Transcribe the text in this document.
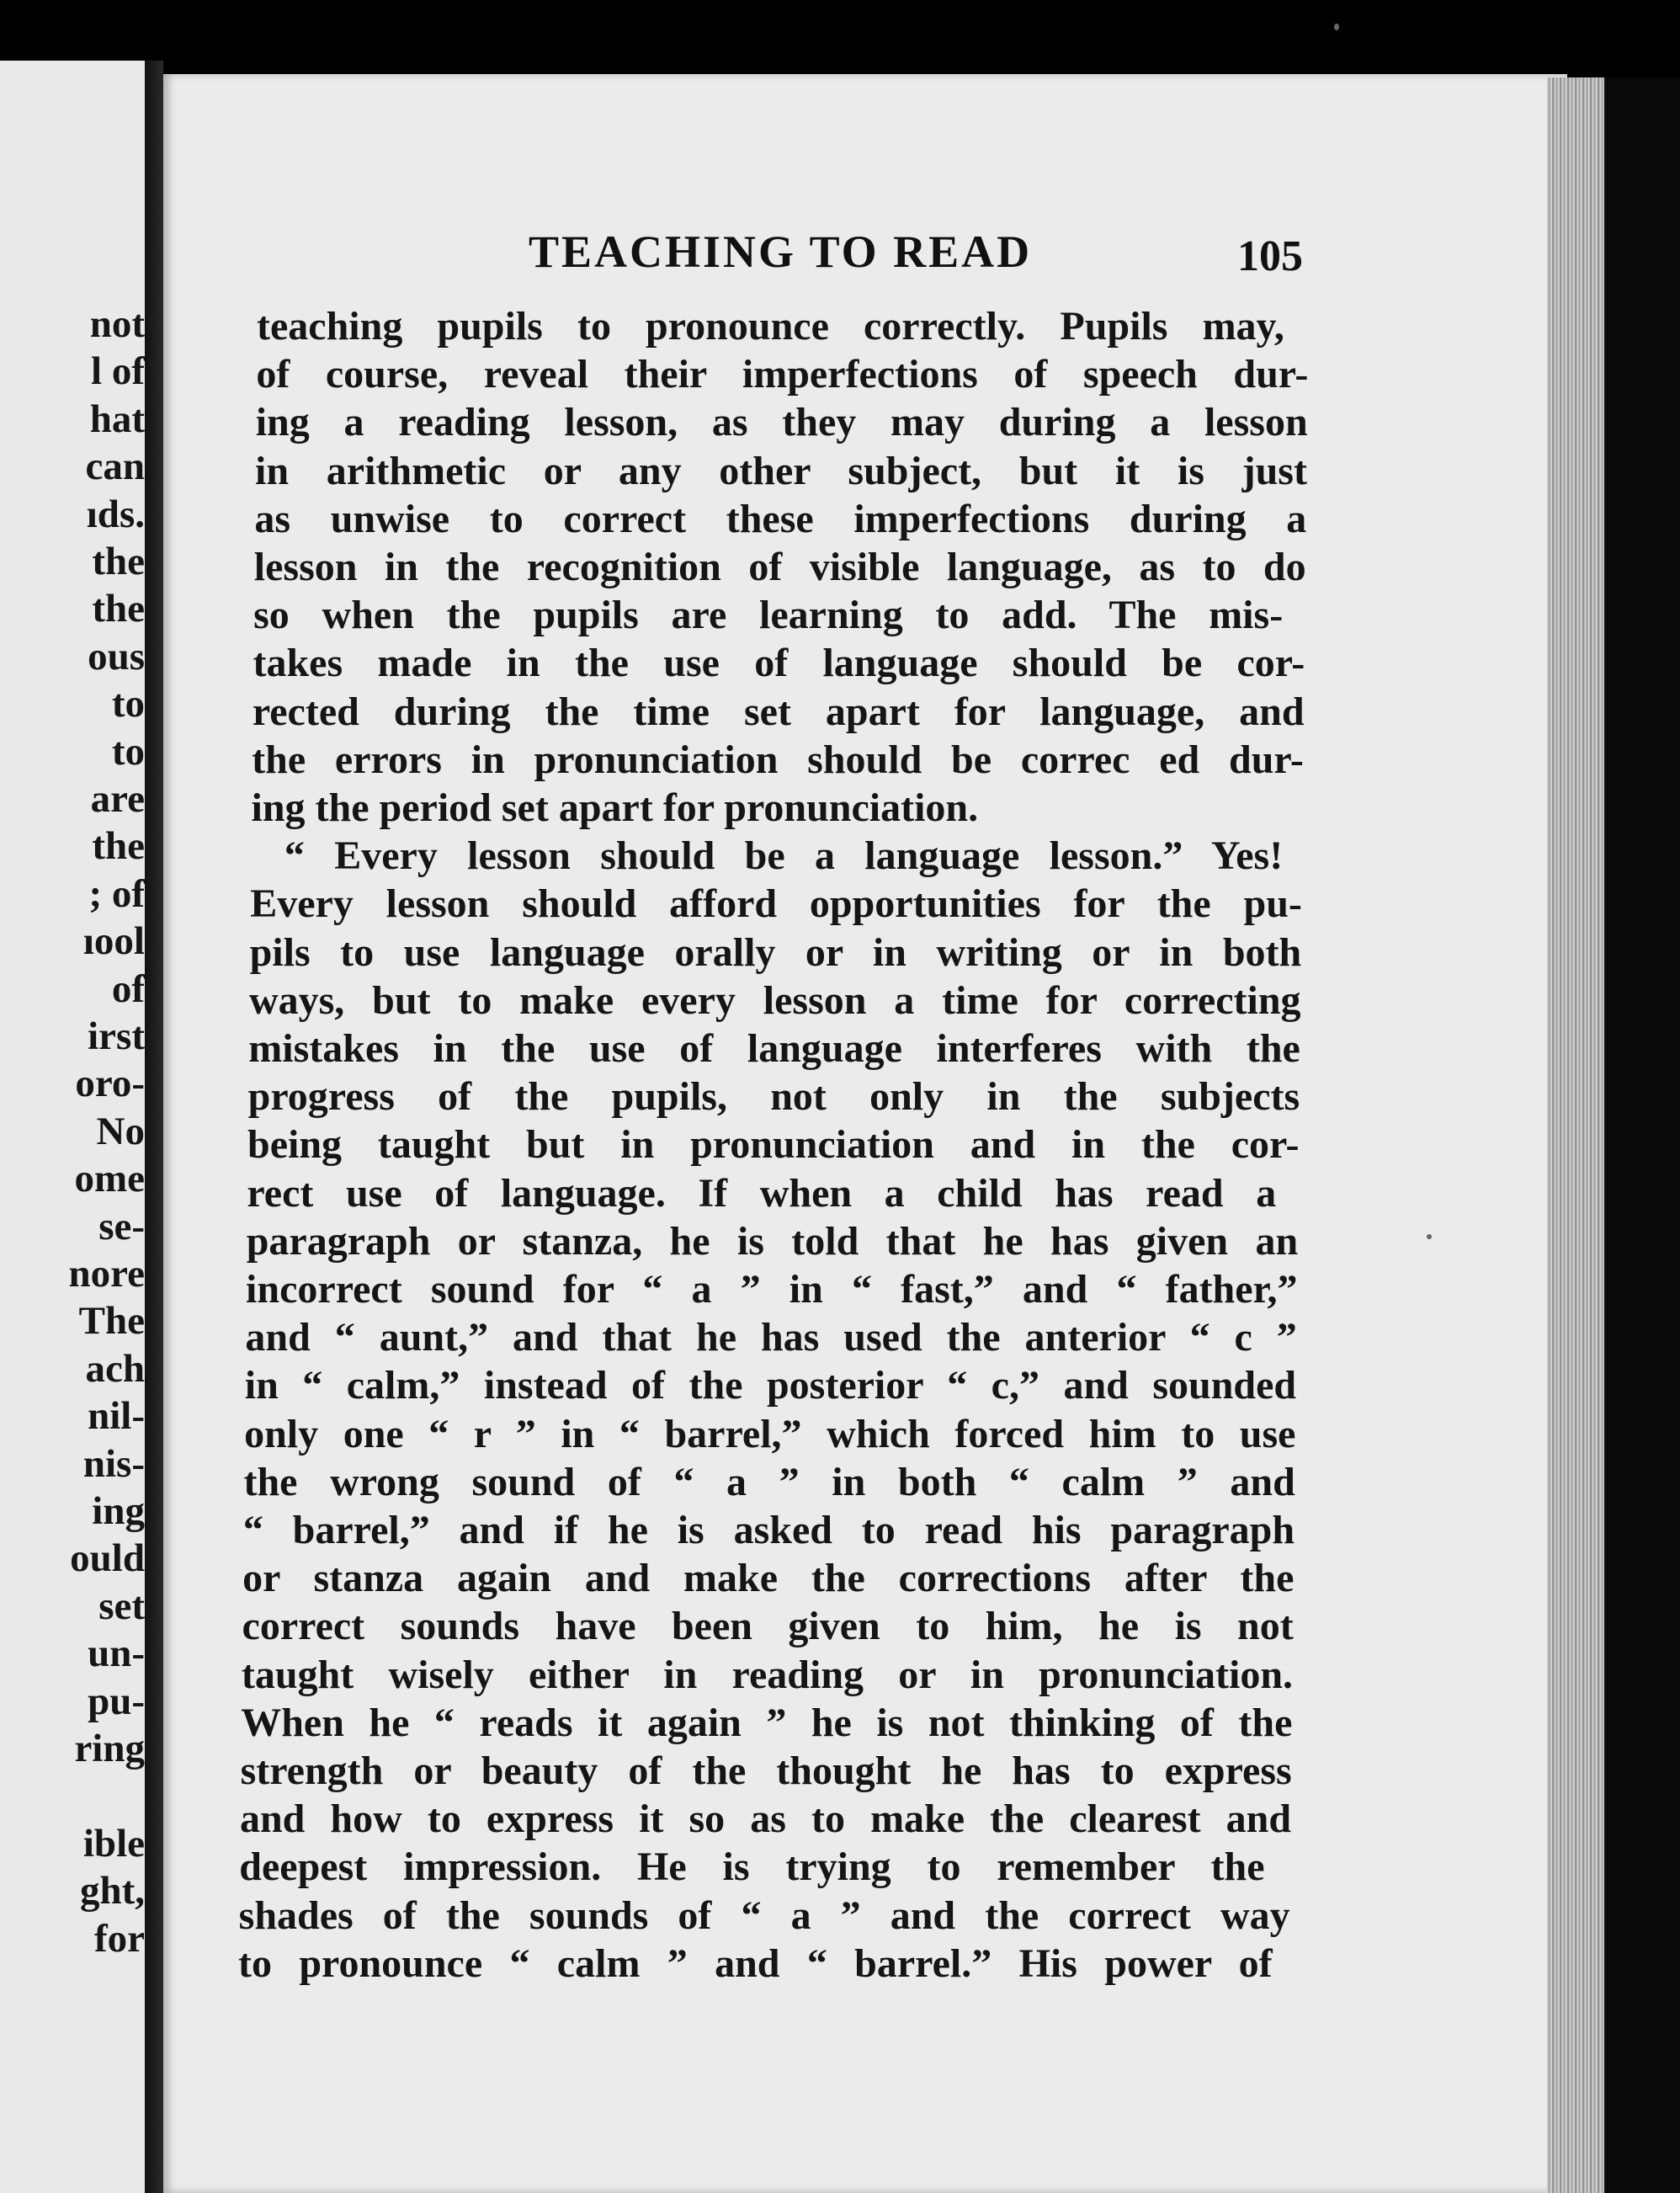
not
l of
hat
can
ıds.
the
the
ous
to
to
are
the
; of
ıool
of
irst
oro-
No
ome
se-
nore
The
ach
nil-
nis-
ing
ould
set
un-
pu-
ring
ible
ght,
for
TEACHING TO READ	105
teaching pupils to pronounce correctly. Pupils may,
of course, reveal their imperfections of speech dur-
ing a reading lesson, as they may during a lesson
in arithmetic or any other subject, but it is just
as unwise to correct these imperfections during a
lesson in the recognition of visible language, as to do
so when the pupils are learning to add. The mis-
takes made in the use of language should be cor-
rected during the time set apart for language, and
the errors in pronunciation should be correc ed dur-
ing the period set apart for pronunciation.
“ Every lesson should be a language lesson.” Yes!
Every lesson should afford opportunities for the pu-
pils to use language orally or in writing or in both
ways, but to make every lesson a time for correcting
mistakes in the use of language interferes with the
progress of the pupils, not only in the subjects
being taught but in pronunciation and in the cor-
rect use of language. If when a child has read a
paragraph or stanza, he is told that he has given an
incorrect sound for “ a ” in “ fast,” and “ father,”
and “ aunt,” and that he has used the anterior “ c ”
in “ calm,” instead of the posterior “ c,” and sounded
only one “ r ” in “ barrel,” which forced him to use
the wrong sound of “ a ” in both “ calm ” and
“ barrel,” and if he is asked to read his paragraph
or stanza again and make the corrections after the
correct sounds have been given to him, he is not
taught wisely either in reading or in pronunciation.
When he “ reads it again ” he is not thinking of the
strength or beauty of the thought he has to express
and how to express it so as to make the clearest and
deepest impression. He is trying to remember the
shades of the sounds of “ a ” and the correct way
to pronounce “ calm ” and “ barrel.” His power of
